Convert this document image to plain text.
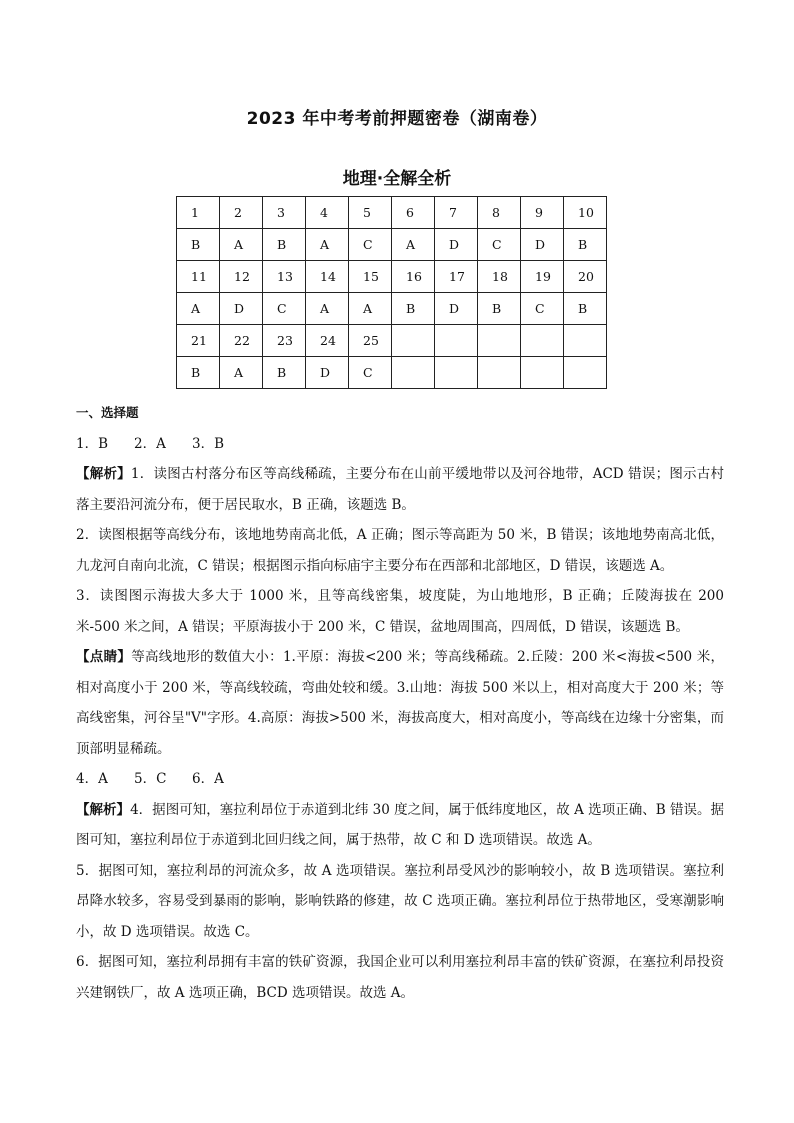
2023 年中考考前押题密卷（湖南卷）
地理·全解全析
1	2	3	4	5	6	7	8	9	10
B	A	B	A	C	A	D	C	D	B
11	12	13	14	15	16	17	18	19	20
A	D	C	A	A	B	D	B	C	B
21	22	23	24	25					
B	A	B	D	C					

一、选择题

1．B 2．A 3．B

【解析】1．读图古村落分布区等高线稀疏，主要分布在山前平缓地带以及河谷地带，ACD 错误；图示古村落主要沿河流分布，便于居民取水，B 正确，该题选 B。

2．读图根据等高线分布，该地地势南高北低，A 正确；图示等高距为 50 米，B 错误；该地地势南高北低，九龙河自南向北流，C 错误；根据图示指向标庙宇主要分布在西部和北部地区，D 错误，该题选 A。

3．读图图示海拔大多大于 1000 米，且等高线密集，坡度陡，为山地地形，B 正确；丘陵海拔在 200 米-500 米之间，A 错误；平原海拔小于 200 米，C 错误，盆地周围高，四周低，D 错误，该题选 B。

【点睛】等高线地形的数值大小：1.平原：海拔<200 米；等高线稀疏。2.丘陵：200 米<海拔<500 米，相对高度小于 200 米，等高线较疏，弯曲处较和缓。3.山地：海拔 500 米以上，相对高度大于 200 米；等高线密集，河谷呈"V"字形。4.高原：海拔>500 米，海拔高度大，相对高度小，等高线在边缘十分密集，而顶部明显稀疏。

4．A 5．C 6．A

【解析】4．据图可知，塞拉利昂位于赤道到北纬 30 度之间，属于低纬度地区，故 A 选项正确、B 错误。据图可知，塞拉利昂位于赤道到北回归线之间，属于热带，故 C 和 D 选项错误。故选 A。

5．据图可知，塞拉利昂的河流众多，故 A 选项错误。塞拉利昂受风沙的影响较小，故 B 选项错误。塞拉利昂降水较多，容易受到暴雨的影响，影响铁路的修建，故 C 选项正确。塞拉利昂位于热带地区，受寒潮影响小，故 D 选项错误。故选 C。

6．据图可知，塞拉利昂拥有丰富的铁矿资源，我国企业可以利用塞拉利昂丰富的铁矿资源，在塞拉利昂投资兴建钢铁厂，故 A 选项正确，BCD 选项错误。故选 A。
